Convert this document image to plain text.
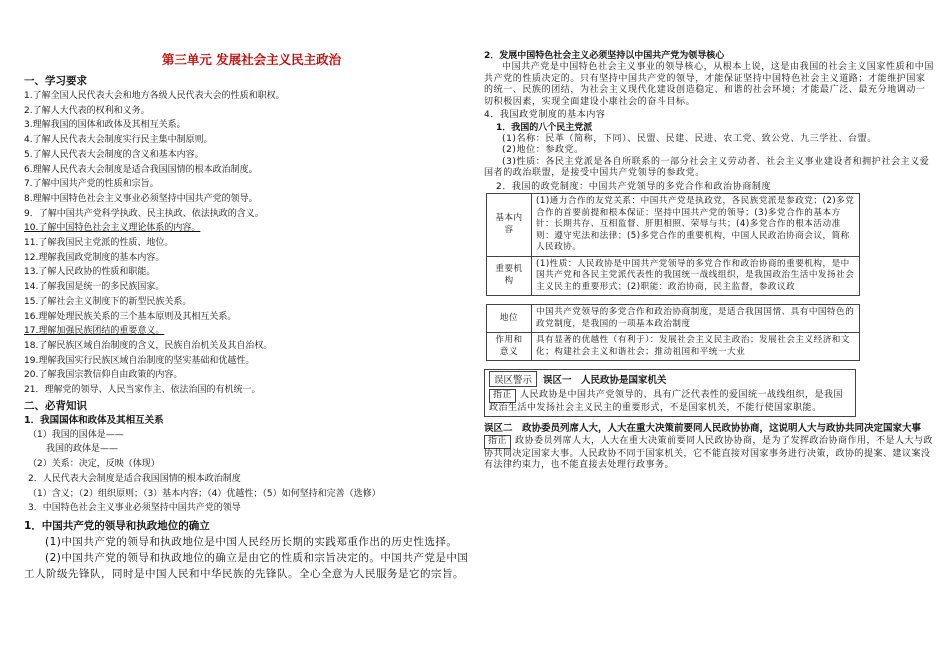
第三单元 发展社会主义民主政治
一、学习要求
1.了解全国人民代表大会和地方各级人民代表大会的性质和职权。
2.了解人大代表的权利和义务。
3.理解我国的国体和政体及其相互关系。
4.了解人民代表大会制度实行民主集中制原则。
5.了解人民代表大会制度的含义和基本内容。
6.理解人民代表大会制度是适合我国国情的根本政治制度。
7.了解中国共产党的性质和宗旨。
8.理解中国特色社会主义事业必须坚持中国共产党的领导。
9．了解中国共产党科学执政、民主执政、依法执政的含义。
10.了解中国特色社会主义理论体系的内容。
11.了解我国民主党派的性质、地位。
12.理解我国政党制度的基本内容。
13.了解人民政协的性质和职能。
14.了解我国是统一的多民族国家。
15.了解社会主义制度下的新型民族关系。
16.理解处理民族关系的三个基本原则及其相互关系。
17.理解加强民族团结的重要意义。
18.了解民族区域自治制度的含义，民族自治机关及其自治权。
19.理解我国实行民族区域自治制度的坚实基础和优越性。
20.了解我国宗教信仰自由政策的内容。
21．理解党的领导、人民当家作主、依法治国的有机统一。
二、必背知识
1．我国国体和政体及其相互关系
（1）我国的国体是——
我国的政体是——
（2）关系：决定，反映（体现）
2．人民代表大会制度是适合我国国情的根本政治制度
（1）含义；（2）组织原则；（3）基本内容；（4）优越性；（5）如何坚持和完善（选修）
3．中国特色社会主义事业必须坚持中国共产党的领导
1．中国共产党的领导和执政地位的确立
(1)中国共产党的领导和执政地位是中国人民经历长期的实践郑重作出的历史性选择。
(2)中国共产党的领导和执政地位的确立是由它的性质和宗旨决定的。中国共产党是中国工人阶级先锋队，同时是中国人民和中华民族的先锋队。全心全意为人民服务是它的宗旨。
2．发展中国特色社会主义必须坚持以中国共产党为领导核心
中国共产党是中国特色社会主义事业的领导核心，从根本上说，这是由我国的社会主义国家性质和中国共产党的性质决定的。只有坚持中国共产党的领导，才能保证坚持中国特色社会主义道路；才能维护国家的统一、民族的团结，为社会主义现代化建设创造稳定、和谐的社会环境；才能最广泛、最充分地调动一切积极因素，实现全面建设小康社会的奋斗目标。
4．我国政党制度的基本内容
1．我国的八个民主党派
(1)名称：民革（简称，下同）、民盟、民建、民进、农工党、致公党、九三学社、台盟。
(2)地位：参政党。
(3)性质：各民主党派是各自所联系的一部分社会主义劳动者、社会主义事业建设者和拥护社会主义爱国者的政治联盟，是接受中国共产党领导的参政党。
2．我国的政党制度：中国共产党领导的多党合作和政治协商制度
基本内容	(1)通力合作的友党关系：中国共产党是执政党，各民族党派是参政党；(2)多党合作的首要前提和根本保证：坚持中国共产党的领导；(3)多党合作的基本方针：长期共存、互相监督、肝胆相照、荣辱与共；(4)多党合作的根本活动准则：遵守宪法和法律；(5)多党合作的重要机构，中国人民政治协商会议，简称人民政协。
重要机构	(1)性质：人民政协是中国共产党领导的多党合作和政治协商的重要机构，是中国共产党和各民主党派代表性的我国统一战线组织，是我国政治生活中发扬社会主义民主的重要形式；(2)职能：政治协商，民主监督，参政议政
地位	中国共产党领导的多党合作和政治协商制度，是适合我国国情、具有中国特色的政党制度，是我国的一项基本政治制度
作用和意义	具有显著的优越性（有利于）：发展社会主义民主政治；发展社会主义经济和文化；构建社会主义和谐社会；推动祖国和平统一大业
误区警示 误区一　人民政协是国家机关
指正 人民政协是中国共产党领导的、具有广泛代表性的爱国统一战线组织，是我国政治生活中发扬社会主义民主的重要形式，不是国家机关，不能行使国家职能。
误区二　政协委员列席人大，人大在重大决策前要同人民政协协商，这说明人大与政协共同决定国家大事
指正 政协委员列席人大，人大在重大决策前要同人民政协协商，是为了发挥政治协商作用，不是人大与政协共同决定国家大事。人民政协不同于国家机关，它不能直接对国家事务进行决策，政协的提案、建议案没有法律约束力，也不能直接去处理行政事务。
